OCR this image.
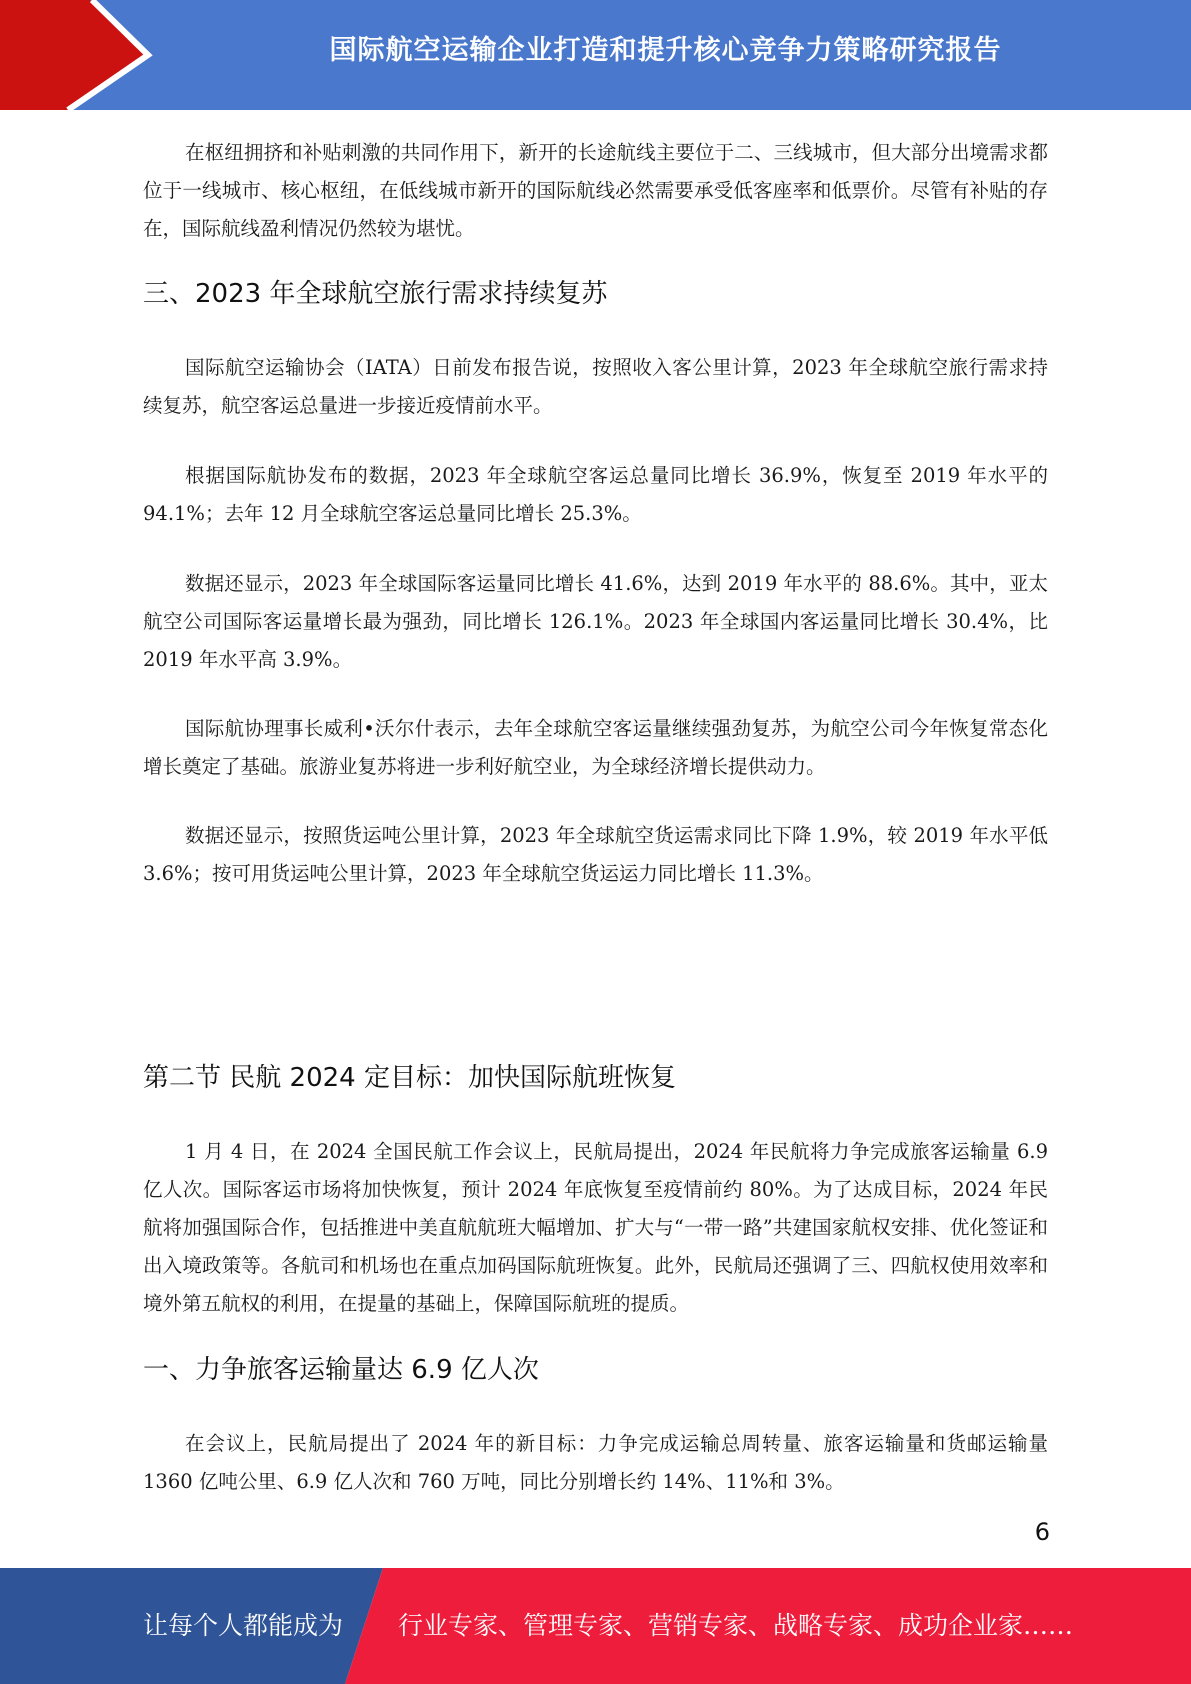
国际航空运输企业打造和提升核心竞争力策略研究报告

在枢纽拥挤和补贴刺激的共同作用下，新开的长途航线主要位于二、三线城市，但大部分出境需求都位于一线城市、核心枢纽，在低线城市新开的国际航线必然需要承受低客座率和低票价。尽管有补贴的存在，国际航线盈利情况仍然较为堪忧。

三、2023 年全球航空旅行需求持续复苏

国际航空运输协会（IATA）日前发布报告说，按照收入客公里计算，2023 年全球航空旅行需求持续复苏，航空客运总量进一步接近疫情前水平。

根据国际航协发布的数据，2023 年全球航空客运总量同比增长 36.9%，恢复至 2019 年水平的 94.1%；去年 12 月全球航空客运总量同比增长 25.3%。

数据还显示，2023 年全球国际客运量同比增长 41.6%，达到 2019 年水平的 88.6%。其中，亚太航空公司国际客运量增长最为强劲，同比增长 126.1%。2023 年全球国内客运量同比增长 30.4%，比 2019 年水平高 3.9%。

国际航协理事长威利•沃尔什表示，去年全球航空客运量继续强劲复苏，为航空公司今年恢复常态化增长奠定了基础。旅游业复苏将进一步利好航空业，为全球经济增长提供动力。

数据还显示，按照货运吨公里计算，2023 年全球航空货运需求同比下降 1.9%，较 2019 年水平低 3.6%；按可用货运吨公里计算，2023 年全球航空货运运力同比增长 11.3%。

第二节 民航 2024 定目标：加快国际航班恢复

1 月 4 日，在 2024 全国民航工作会议上，民航局提出，2024 年民航将力争完成旅客运输量 6.9 亿人次。国际客运市场将加快恢复，预计 2024 年底恢复至疫情前约 80%。为了达成目标，2024 年民航将加强国际合作，包括推进中美直航航班大幅增加、扩大与“一带一路”共建国家航权安排、优化签证和出入境政策等。各航司和机场也在重点加码国际航班恢复。此外，民航局还强调了三、四航权使用效率和境外第五航权的利用，在提量的基础上，保障国际航班的提质。

一、力争旅客运输量达 6.9 亿人次

在会议上，民航局提出了 2024 年的新目标：力争完成运输总周转量、旅客运输量和货邮运输量 1360 亿吨公里、6.9 亿人次和 760 万吨，同比分别增长约 14%、11%和 3%。

6
让每个人都能成为 行业专家、管理专家、营销专家、战略专家、成功企业家……
